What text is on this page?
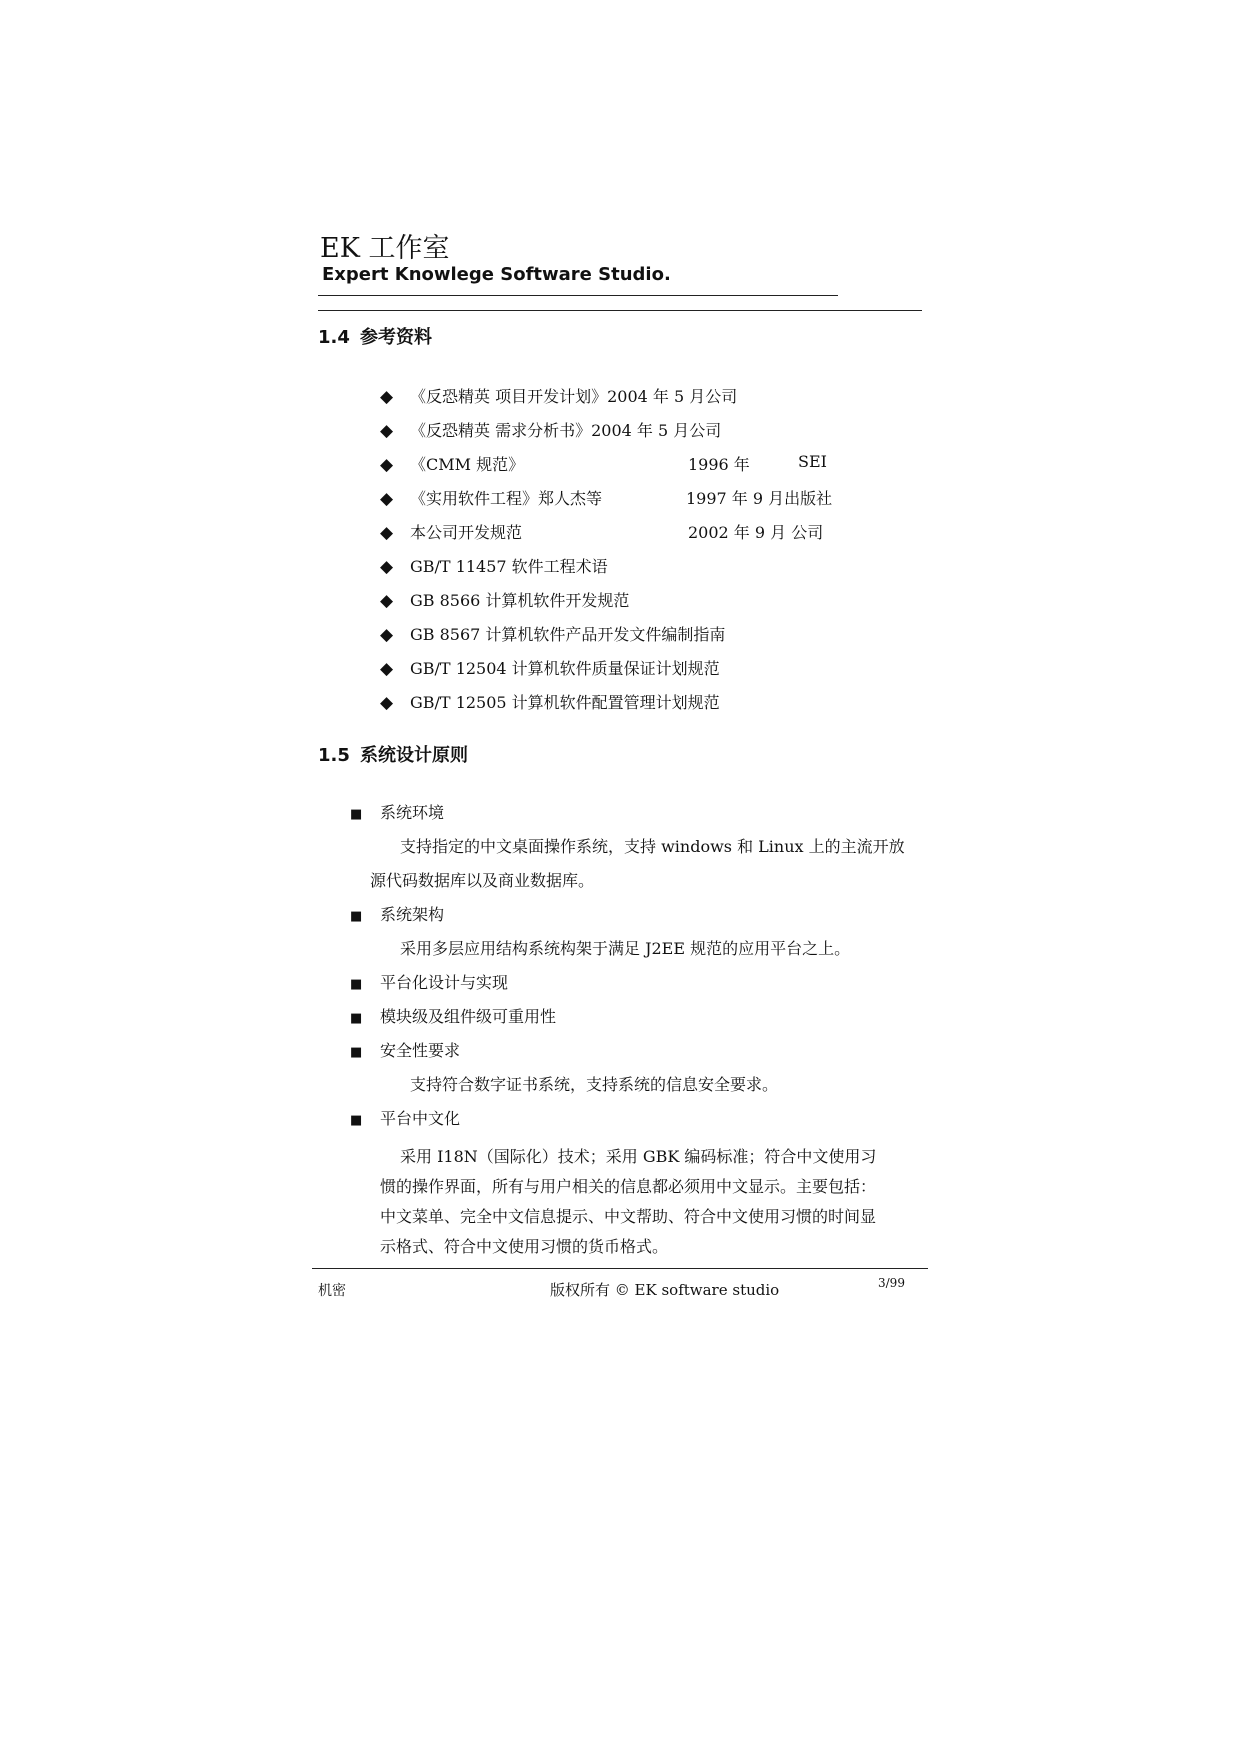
EK 工作室
Expert Knowlege Software Studio.
1.4 参考资料
◆ 《反恐精英 项目开发计划》2004 年 5 月公司
◆ 《反恐精英 需求分析书》2004 年 5 月公司
◆ 《CMM 规范》	1996 年	SEI
◆ 《实用软件工程》郑人杰等	1997 年 9 月出版社
◆ 本公司开发规范	2002 年 9 月 公司
◆ GB/T 11457 软件工程术语
◆ GB 8566 计算机软件开发规范
◆ GB 8567 计算机软件产品开发文件编制指南
◆ GB/T 12504 计算机软件质量保证计划规范
◆ GB/T 12505 计算机软件配置管理计划规范
1.5 系统设计原则
■ 系统环境
支持指定的中文桌面操作系统，支持 windows 和 Linux 上的主流开放
源代码数据库以及商业数据库。
■ 系统架构
采用多层应用结构系统构架于满足 J2EE 规范的应用平台之上。
■ 平台化设计与实现
■ 模块级及组件级可重用性
■ 安全性要求
支持符合数字证书系统，支持系统的信息安全要求。
■ 平台中文化
采用 I18N（国际化）技术；采用 GBK 编码标准；符合中文使用习
惯的操作界面，所有与用户相关的信息都必须用中文显示。主要包括：
中文菜单、完全中文信息提示、中文帮助、符合中文使用习惯的时间显
示格式、符合中文使用习惯的货币格式。
机密	版权所有 © EK software studio	3/99
